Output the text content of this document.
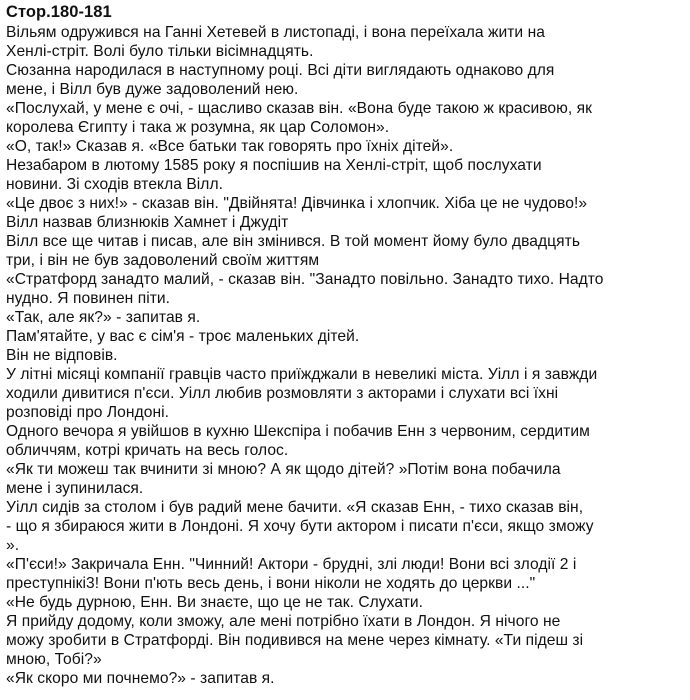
Стор.180-181
Вільям одружився на Ганні Хетевей в листопаді, і вона переїхала жити на
Хенлі-стріт. Волі було тільки вісімнадцять.
Сюзанна народилася в наступному році. Всі діти виглядають однаково для
мене, і Вілл був дуже задоволений нею.
«Послухай, у мене є очі, - щасливо сказав він. «Вона буде такою ж красивою, як
королева Єгипту і така ж розумна, як цар Соломон».
«О, так!» Сказав я. «Все батьки так говорять про їхніх дітей».
Незабаром в лютому 1585 року я поспішив на Хенлі-стріт, щоб послухати
новини. Зі сходів втекла Вілл.
«Це двоє з них!» - сказав він. "Двійнята! Дівчинка і хлопчик. Хіба це не чудово!»
Вілл назвав близнюків Хамнет і Джудіт
Вілл все ще читав і писав, але він змінився. В той момент йому було двадцять
три, і він не був задоволений своїм життям
«Стратфорд занадто малий, - сказав він. "Занадто повільно. Занадто тихо. Надто
нудно. Я повинен піти.
«Так, але як?» - запитав я.
Пам'ятайте, у вас є сім'я - троє маленьких дітей.
Він не відповів.
У літні місяці компанії гравців часто приїжджали в невеликі міста. Уілл і я завжди
ходили дивитися п'єси. Уілл любив розмовляти з акторами і слухати всі їхні
розповіді про Лондоні.
Одного вечора я увійшов в кухню Шекспіра і побачив Енн з червоним, сердитим
обличчям, котрі кричать на весь голос.
«Як ти можеш так вчинити зі мною? А як щодо дітей? »Потім вона побачила
мене і зупинилася.
Уілл сидів за столом і був радий мене бачити. «Я сказав Енн, - тихо сказав він,
- що я збираюся жити в Лондоні. Я хочу бути актором і писати п'єси, якщо зможу
».
«П'єси!» Закричала Енн. "Чинний! Актори - брудні, злі люди! Вони всі злодії 2 і
преступнікі3! Вони п'ють весь день, і вони ніколи не ходять до церкви ..."
«Не будь дурною, Енн. Ви знаєте, що це не так. Слухати.
Я прийду додому, коли зможу, але мені потрібно їхати в Лондон. Я нічого не
можу зробити в Стратфорді. Він подивився на мене через кімнату. «Ти підеш зі
мною, Тобі?»
«Як скоро ми почнемо?» - запитав я.
